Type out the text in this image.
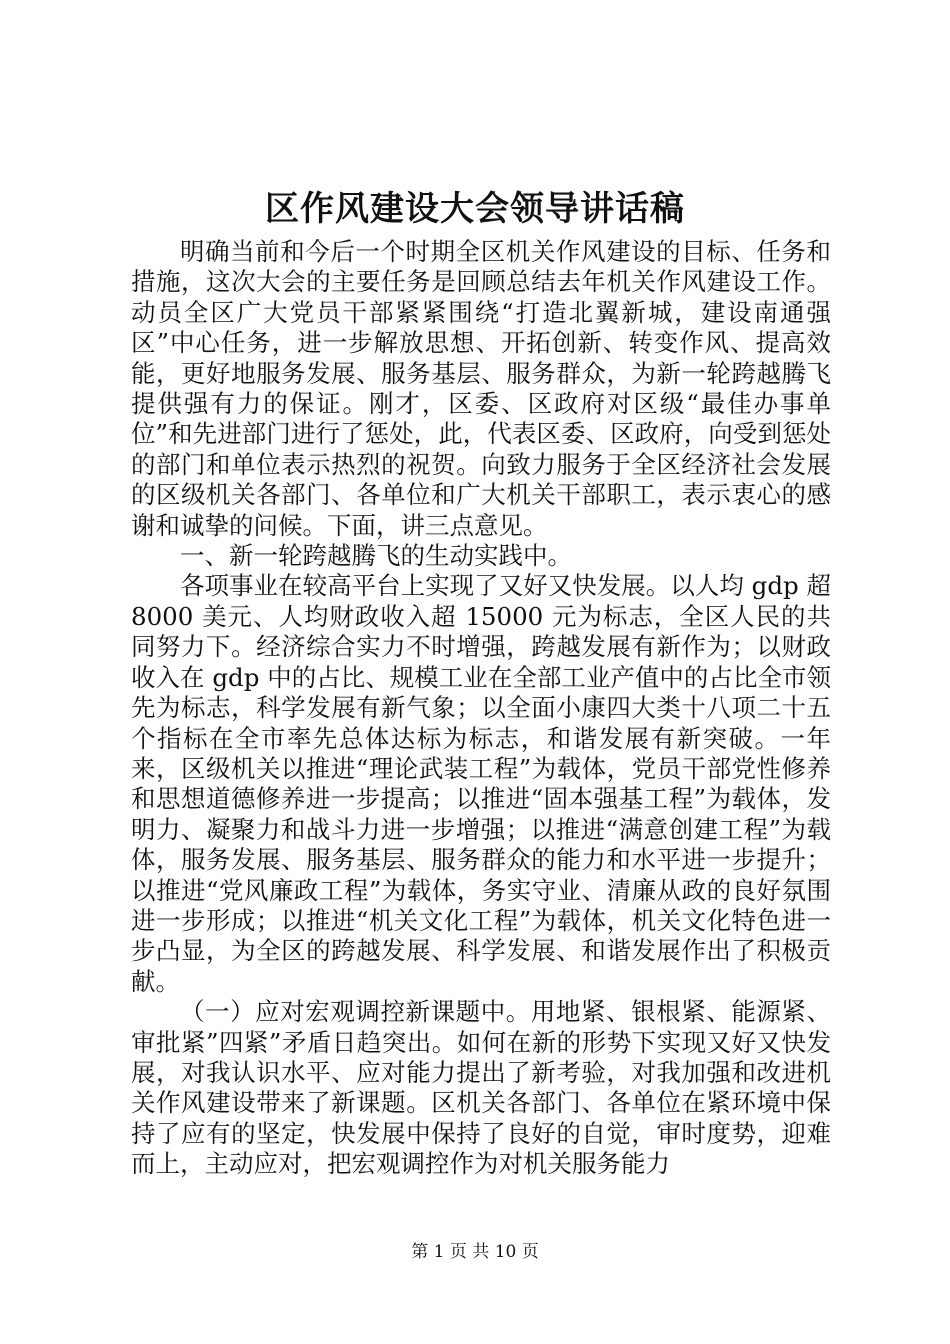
区作风建设大会领导讲话稿

明确当前和今后一个时期全区机关作风建设的目标、任务和措施，这次大会的主要任务是回顾总结去年机关作风建设工作。动员全区广大党员干部紧紧围绕“打造北翼新城，建设南通强区”中心任务，进一步解放思想、开拓创新、转变作风、提高效能，更好地服务发展、服务基层、服务群众，为新一轮跨越腾飞提供强有力的保证。刚才，区委、区政府对区级“最佳办事单位”和先进部门进行了惩处，此，代表区委、区政府，向受到惩处的部门和单位表示热烈的祝贺。向致力服务于全区经济社会发展的区级机关各部门、各单位和广大机关干部职工，表示衷心的感谢和诚挚的问候。下面，讲三点意见。

一、新一轮跨越腾飞的生动实践中。

各项事业在较高平台上实现了又好又快发展。以人均 gdp 超 8000 美元、人均财政收入超 15000 元为标志，全区人民的共同努力下。经济综合实力不时增强，跨越发展有新作为；以财政收入在 gdp 中的占比、规模工业在全部工业产值中的占比全市领先为标志，科学发展有新气象；以全面小康四大类十八项二十五个指标在全市率先总体达标为标志，和谐发展有新突破。一年来，区级机关以推进“理论武装工程”为载体，党员干部党性修养和思想道德修养进一步提高；以推进“固本强基工程”为载体，发明力、凝聚力和战斗力进一步增强；以推进“满意创建工程”为载体，服务发展、服务基层、服务群众的能力和水平进一步提升；以推进“党风廉政工程”为载体，务实守业、清廉从政的良好氛围进一步形成；以推进“机关文化工程”为载体，机关文化特色进一步凸显，为全区的跨越发展、科学发展、和谐发展作出了积极贡献。

（一）应对宏观调控新课题中。用地紧、银根紧、能源紧、审批紧”四紧”矛盾日趋突出。如何在新的形势下实现又好又快发展，对我认识水平、应对能力提出了新考验，对我加强和改进机关作风建设带来了新课题。区机关各部门、各单位在紧环境中保持了应有的坚定，快发展中保持了良好的自觉，审时度势，迎难而上，主动应对，把宏观调控作为对机关服务能力

第 1 页 共 10 页
